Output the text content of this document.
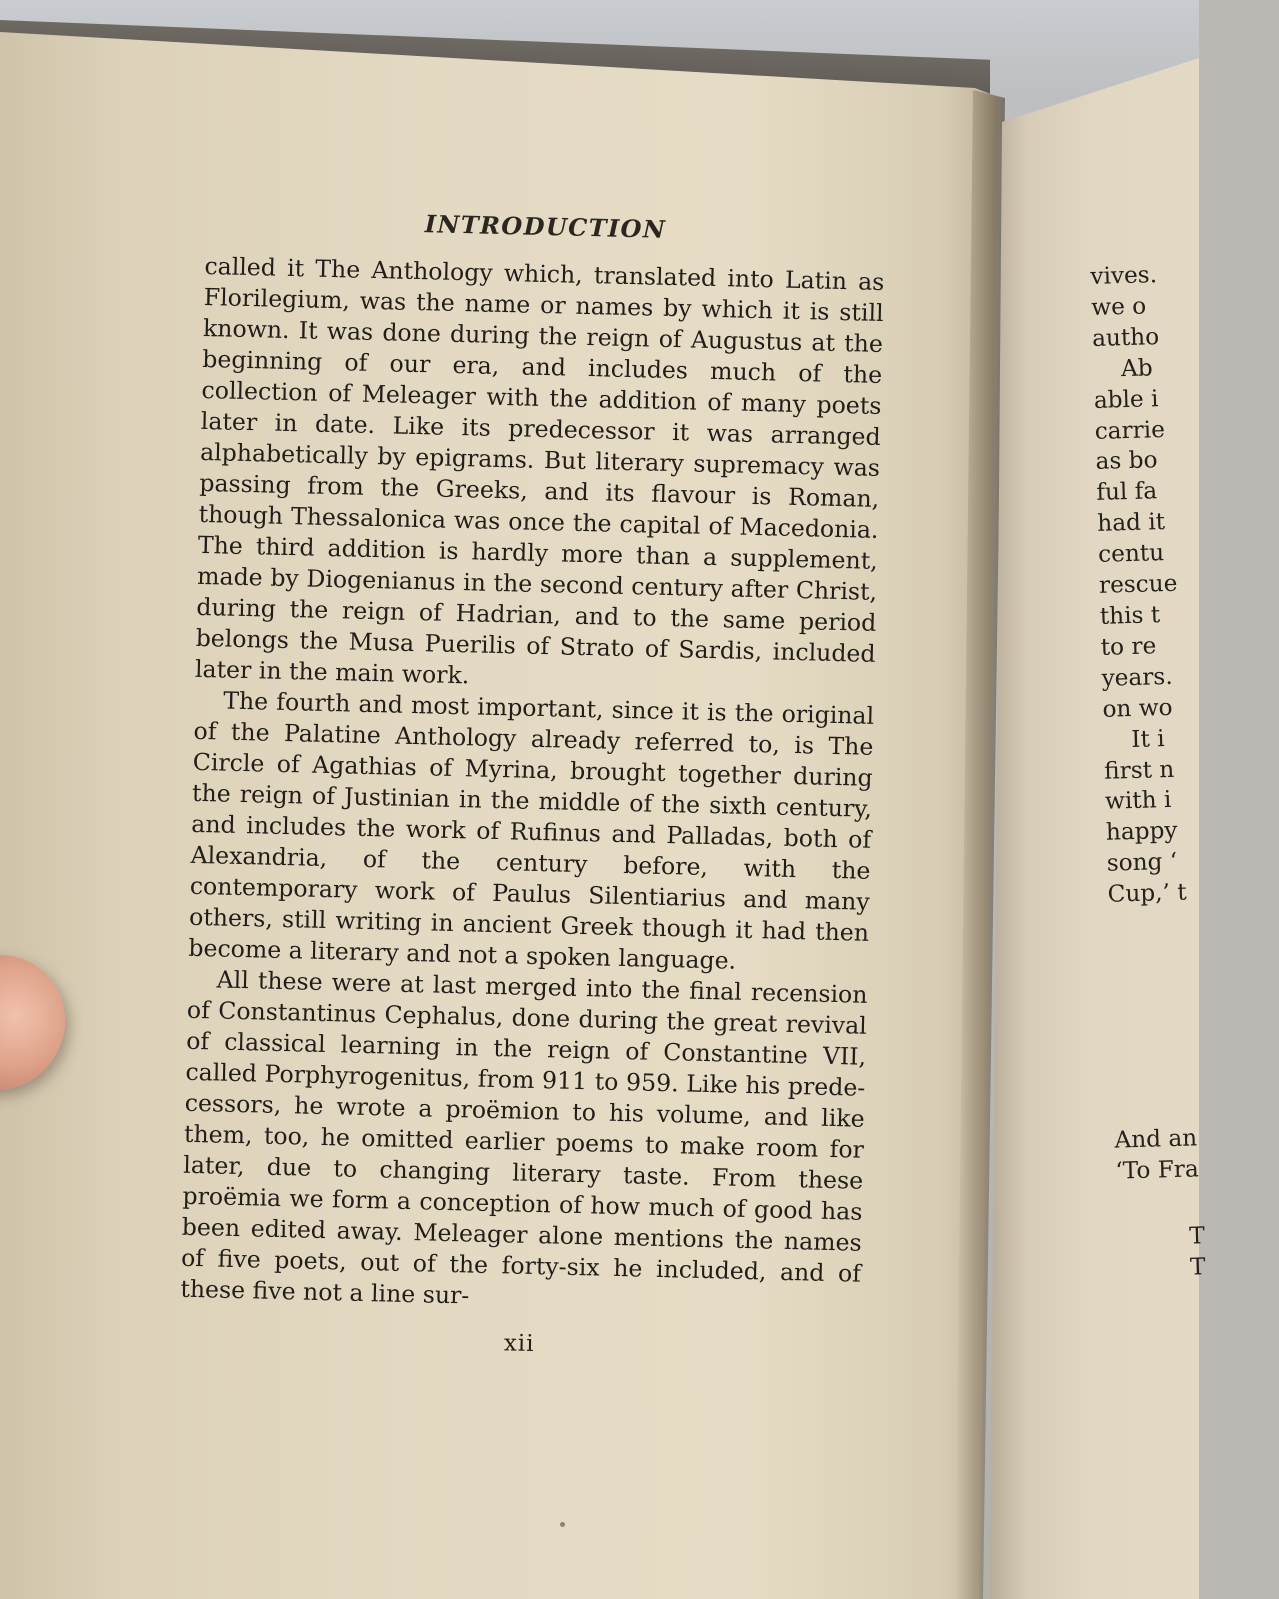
INTRODUCTION

called it The Anthology which, translated into Latin as Florilegium, was the name or names by which it is still known. It was done during the reign of Augustus at the beginning of our era, and includes much of the collection of Meleager with the addition of many poets later in date. Like its predecessor it was arranged alphabetically by epigrams. But literary supremacy was passing from the Greeks, and its flavour is Roman, though Thessalonica was once the capital of Macedonia. The third addition is hardly more than a supplement, made by Diogenianus in the second century after Christ, during the reign of Hadrian, and to the same period belongs the Musa Puerilis of Strato of Sardis, included later in the main work.

The fourth and most important, since it is the original of the Palatine Anthology already referred to, is The Circle of Agathias of Myrina, brought together during the reign of Justinian in the middle of the sixth century, and includes the work of Rufinus and Palladas, both of Alexandria, of the century before, with the contemporary work of Paulus Silentiarius and many others, still writing in ancient Greek though it had then become a literary and not a spoken language.

All these were at last merged into the final recension of Constantinus Cephalus, done during the great revival of classical learning in the reign of Constantine VII, called Porphyrogenitus, from 911 to 959. Like his predecessors, he wrote a proëmion to his volume, and like them, too, he omitted earlier poems to make room for later, due to changing literary taste. From these proëmia we form a conception of how much of good has been edited away. Meleager alone mentions the names of five poets, out of the forty-six he included, and of these five not a line sur-

xii
vives.
we o
autho
Ab
able i
carrie
as bo
ful fa
had it
centu
rescue
this t
to re
years.
on wo
It i
first n
with i
happy
song ‘
Cup,’ t
And an
‘To Fra
T
T
